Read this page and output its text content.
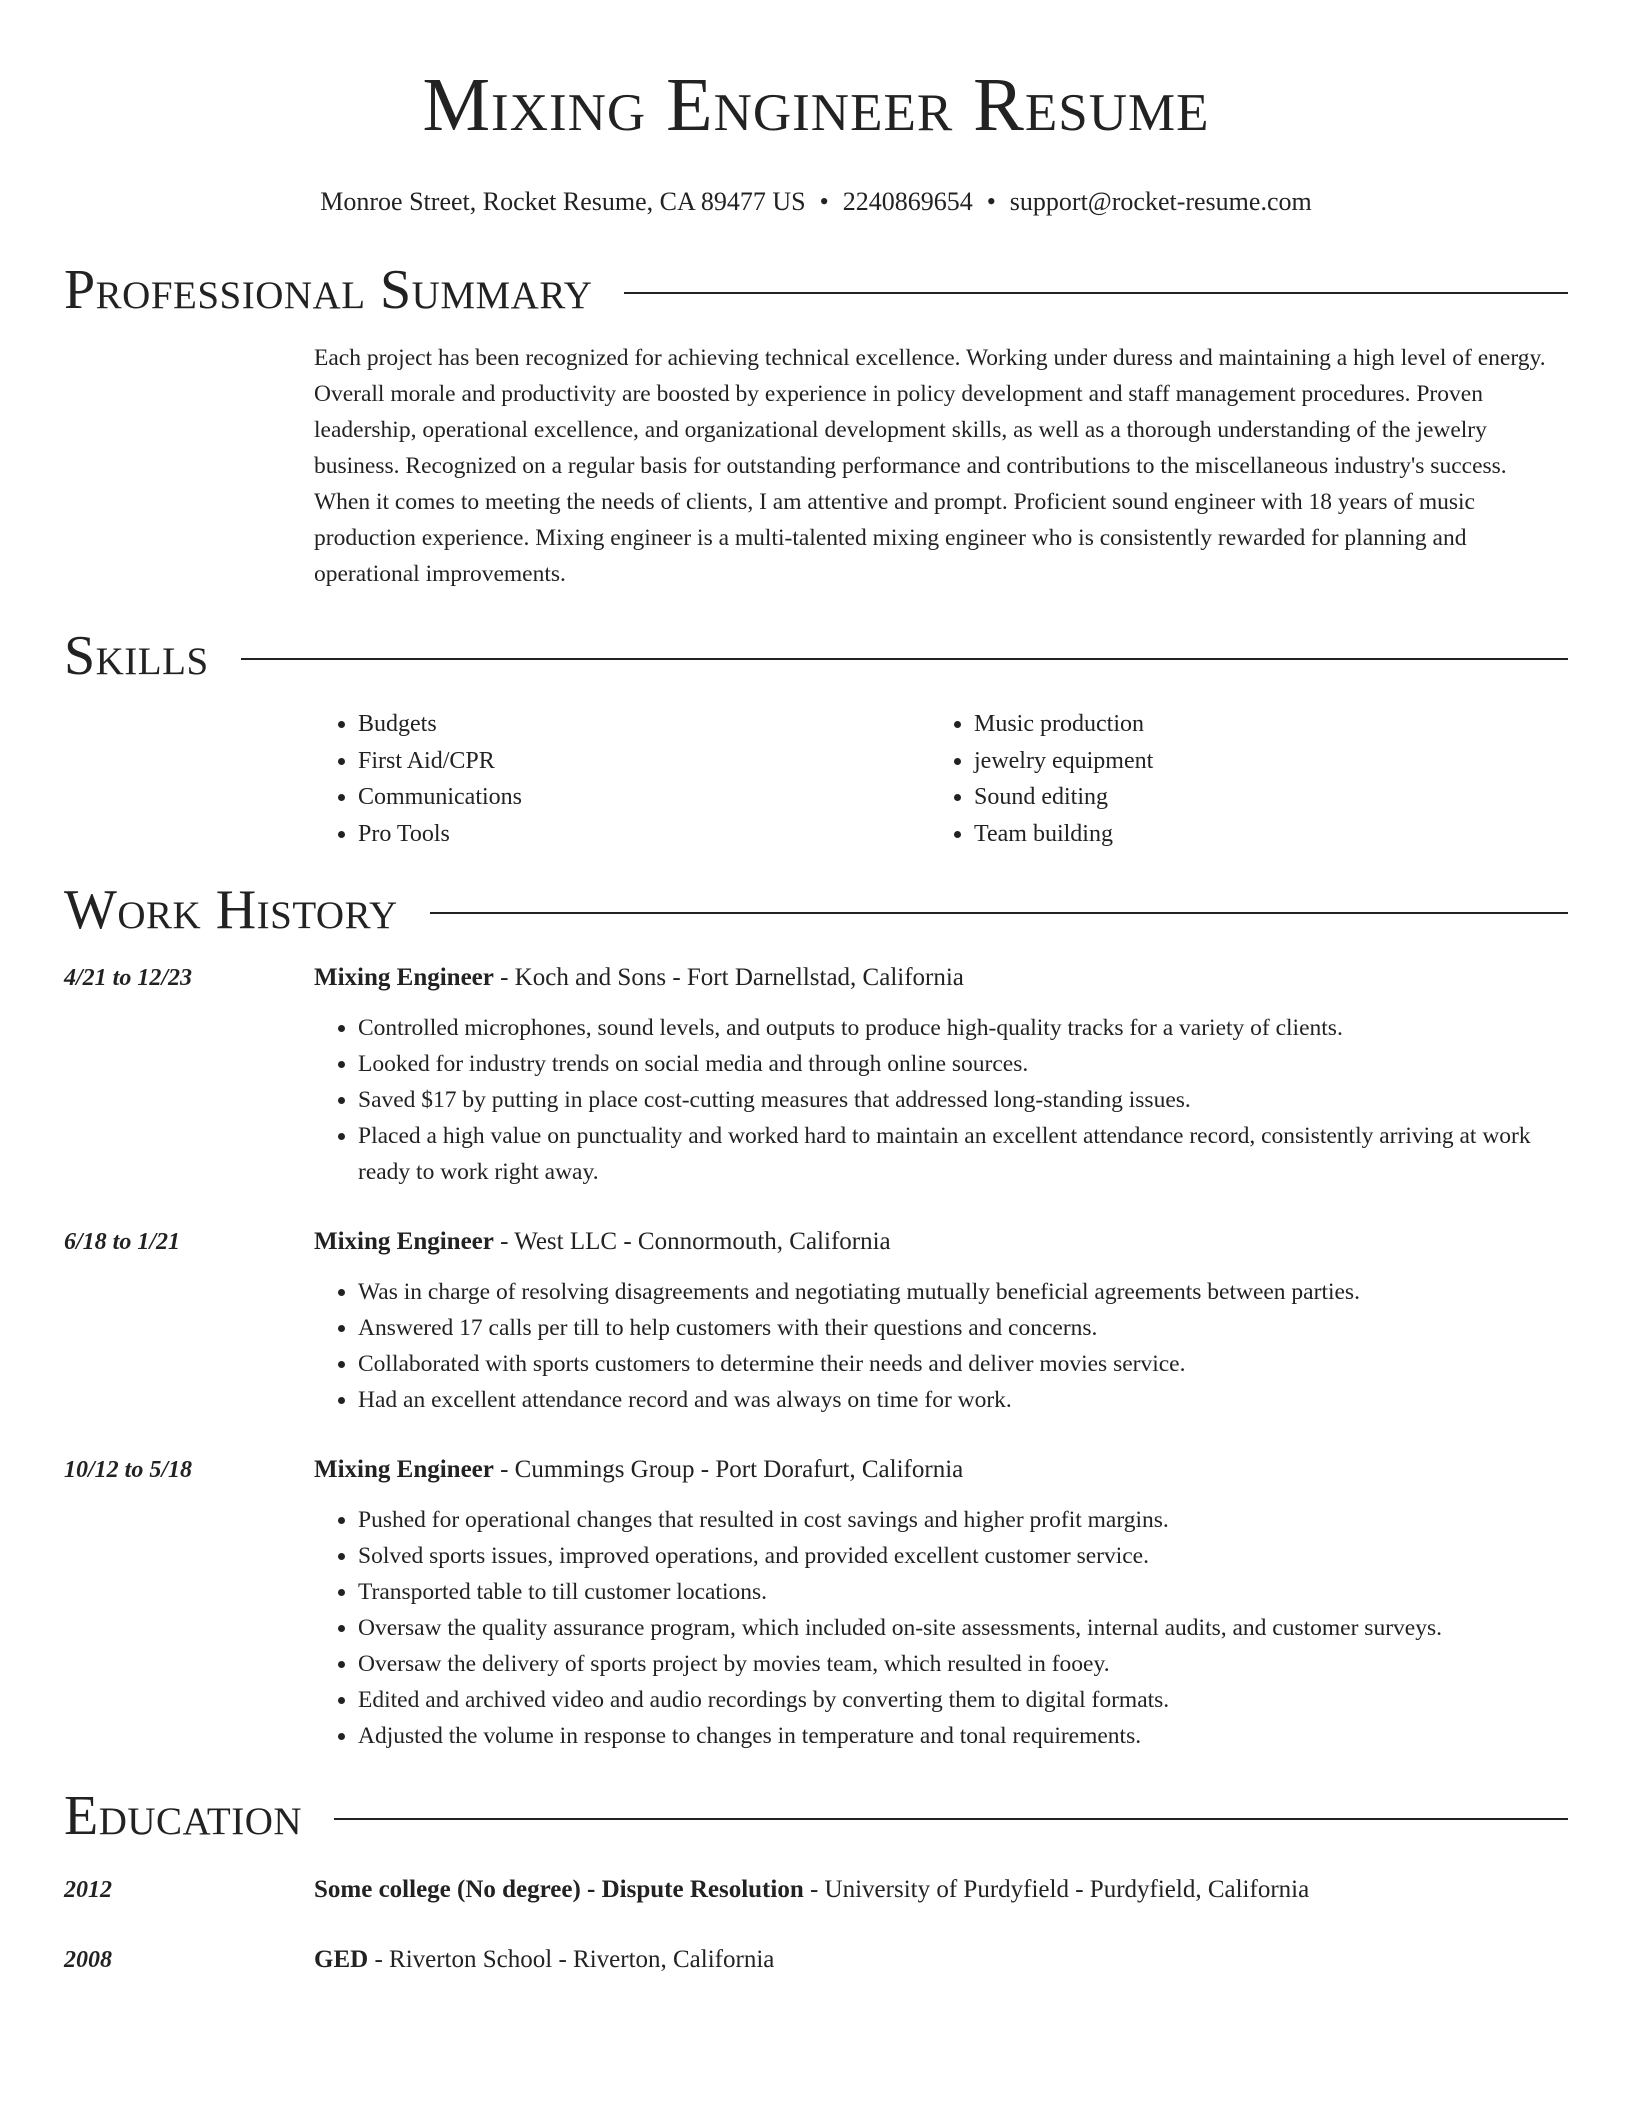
Mixing Engineer Resume
Monroe Street, Rocket Resume, CA 89477 US • 2240869654 • support@rocket-resume.com
Professional Summary
Each project has been recognized for achieving technical excellence. Working under duress and maintaining a high level of energy. Overall morale and productivity are boosted by experience in policy development and staff management procedures. Proven leadership, operational excellence, and organizational development skills, as well as a thorough understanding of the jewelry business. Recognized on a regular basis for outstanding performance and contributions to the miscellaneous industry's success. When it comes to meeting the needs of clients, I am attentive and prompt. Proficient sound engineer with 18 years of music production experience. Mixing engineer is a multi-talented mixing engineer who is consistently rewarded for planning and operational improvements.
Skills
• Budgets
• First Aid/CPR
• Communications
• Pro Tools
• Music production
• jewelry equipment
• Sound editing
• Team building
Work History
4/21 to 12/23	Mixing Engineer - Koch and Sons - Fort Darnellstad, California
• Controlled microphones, sound levels, and outputs to produce high-quality tracks for a variety of clients.
• Looked for industry trends on social media and through online sources.
• Saved $17 by putting in place cost-cutting measures that addressed long-standing issues.
• Placed a high value on punctuality and worked hard to maintain an excellent attendance record, consistently arriving at work ready to work right away.
6/18 to 1/21	Mixing Engineer - West LLC - Connormouth, California
• Was in charge of resolving disagreements and negotiating mutually beneficial agreements between parties.
• Answered 17 calls per till to help customers with their questions and concerns.
• Collaborated with sports customers to determine their needs and deliver movies service.
• Had an excellent attendance record and was always on time for work.
10/12 to 5/18	Mixing Engineer - Cummings Group - Port Dorafurt, California
• Pushed for operational changes that resulted in cost savings and higher profit margins.
• Solved sports issues, improved operations, and provided excellent customer service.
• Transported table to till customer locations.
• Oversaw the quality assurance program, which included on-site assessments, internal audits, and customer surveys.
• Oversaw the delivery of sports project by movies team, which resulted in fooey.
• Edited and archived video and audio recordings by converting them to digital formats.
• Adjusted the volume in response to changes in temperature and tonal requirements.
Education
2012	Some college (No degree) - Dispute Resolution - University of Purdyfield - Purdyfield, California
2008	GED - Riverton School - Riverton, California
